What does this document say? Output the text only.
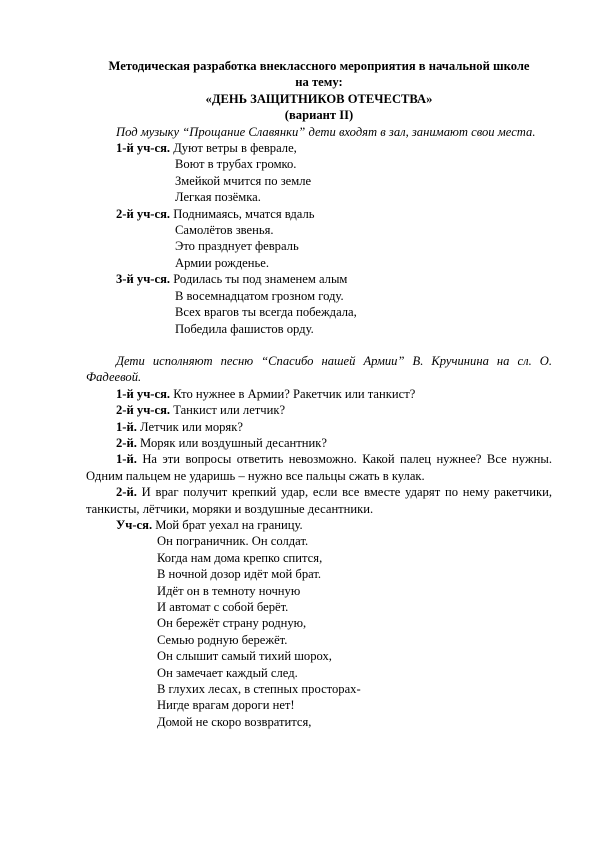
Методическая разработка внеклассного мероприятия в начальной школе
на тему:
«ДЕНЬ ЗАЩИТНИКОВ ОТЕЧЕСТВА»
(вариант II)
Под музыку “Прощание Славянки” дети входят в зал, занимают свои места.
1-й уч-ся. Дуют ветры в феврале,
Воют в трубах громко.
Змейкой мчится по земле
Легкая позёмка.
2-й уч-ся. Поднимаясь, мчатся вдаль
Самолётов звенья.
Это празднует февраль
Армии рожденье.
3-й уч-ся. Родилась ты под знаменем алым
В восемнадцатом грозном году.
Всех врагов ты всегда побеждала,
Победила фашистов орду.
Дети исполняют песню “Спасибо нашей Армии” В. Кручинина на сл. О. Фадеевой.
1-й уч-ся. Кто нужнее в Армии? Ракетчик или танкист?
2-й уч-ся. Танкист или летчик?
1-й. Летчик или моряк?
2-й. Моряк или воздушный десантник?
1-й. На эти вопросы ответить невозможно. Какой палец нужнее? Все нужны. Одним пальцем не ударишь – нужно все пальцы сжать в кулак.
2-й. И враг получит крепкий удар, если все вместе ударят по нему ракетчики, танкисты, лётчики, моряки и воздушные десантники.
Уч-ся. Мой брат уехал на границу.
Он пограничник. Он солдат.
Когда нам дома крепко спится,
В ночной дозор идёт мой брат.
Идёт он в темноту ночную
И автомат с собой берёт.
Он бережёт страну родную,
Семью родную бережёт.
Он слышит самый тихий шорох,
Он замечает каждый след.
В глухих лесах, в степных просторах-
Нигде врагам дороги нет!
Домой не скоро возвратится,
